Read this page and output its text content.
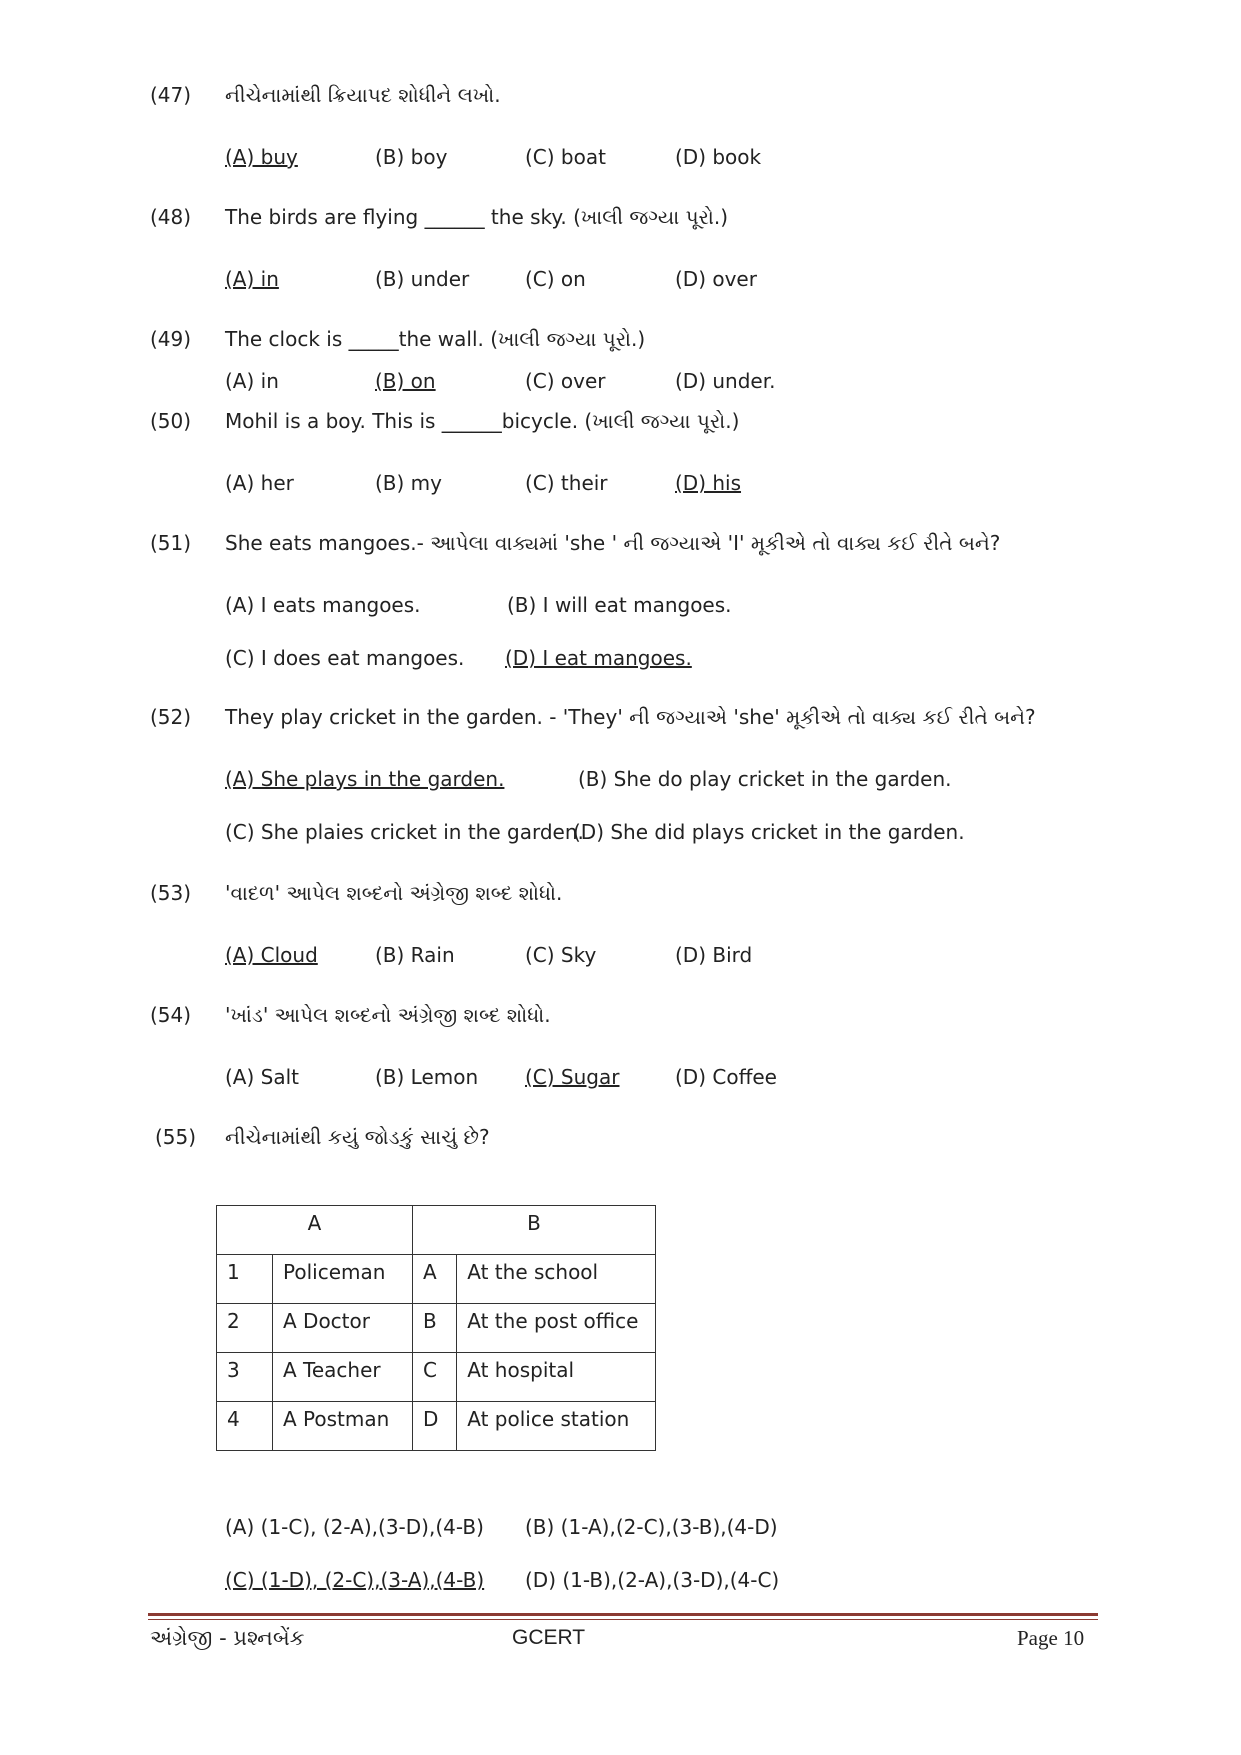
(47)	નીચેનામાંથી ક્રિયાપદ શોધીને લખો.
(A) buy	(B) boy	(C) boat	(D) book
(48)	The birds are flying ______ the sky. (ખાલી જગ્યા પૂરો.)
(A) in	(B) under	(C) on	(D) over
(49)	The clock is _____the wall. (ખાલી જગ્યા પૂરો.)
(A) in	(B) on	(C) over	(D) under.
(50)	Mohil is a boy. This is ______bicycle. (ખાલી જગ્યા પૂરો.)
(A) her	(B) my	(C) their	(D) his
(51)	She eats mangoes.- આપેલા વાક્યમાં 'she ' ની જગ્યાએ 'I' મૂકીએ તો વાક્ય કઈ રીતે બને?
(A) I eats mangoes.	(B) I will eat mangoes.
(C) I does eat mangoes. (D) I eat mangoes.
(52)	They play cricket in the garden. - 'They' ની જગ્યાએ 'she' મૂકીએ તો વાક્ય કઈ રીતે બને?
(A) She plays in the garden.	(B) She do play cricket in the garden.
(C) She plaies cricket in the garden.
(D) She did plays cricket in the garden.
(53)	'વાદળ' આપેલ શબ્દનો અંગ્રેજી શબ્દ શોધો.
(A) Cloud	(B) Rain	(C) Sky	(D) Bird
(54)	'ખાંડ' આપેલ શબ્દનો અંગ્રેજી શબ્દ શોધો.
(A) Salt	(B) Lemon (C) Sugar	(D) Coffee
(55)	નીચેનામાંથી કયું જોડકું સાચું છે?
A		B	
1	Policeman	A	At the school
2	A Doctor	B	At the post office
3	A Teacher	C	At hospital
4	A Postman	D	At police station
(A) (1-C), (2-A),(3-D),(4-B) (B) (1-A),(2-C),(3-B),(4-D)
(C) (1-D), (2-C),(3-A),(4-B) (D) (1-B),(2-A),(3-D),(4-C)
અંગ્રેજી - પ્રશ્નબેંક	GCERT	Page 10
